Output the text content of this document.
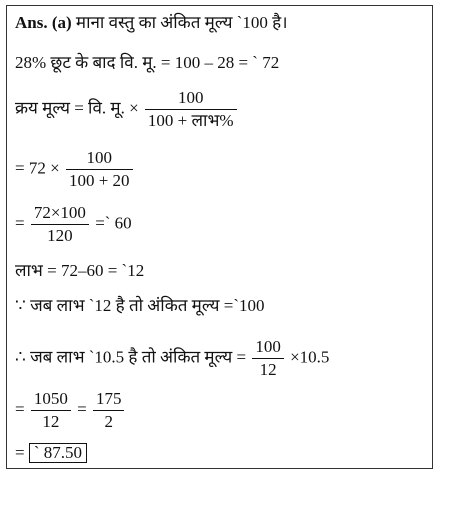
Ans. (a) माना वस्तु का अंकित मूल्य `100 है।
28% छूट के बाद वि. मू. = 100 – 28 = ` 72
क्रय मूल्य = वि. मू. × $\frac{100}{\text{100 + लाभ\%}}$
= $72 \times \frac{100}{100 + 20}$
= $\frac{72\times 100}{120}$ =` 60
लाभ = 72–60 = `12
∵ जब लाभ `12 है तो अंकित मूल्य =`100
∴ जब लाभ `10.5 है तो अंकित मूल्य = $\frac{100}{12} \times 10.5$
= $\frac{1050}{12} = \frac{175}{2}$
= ` 87.50
